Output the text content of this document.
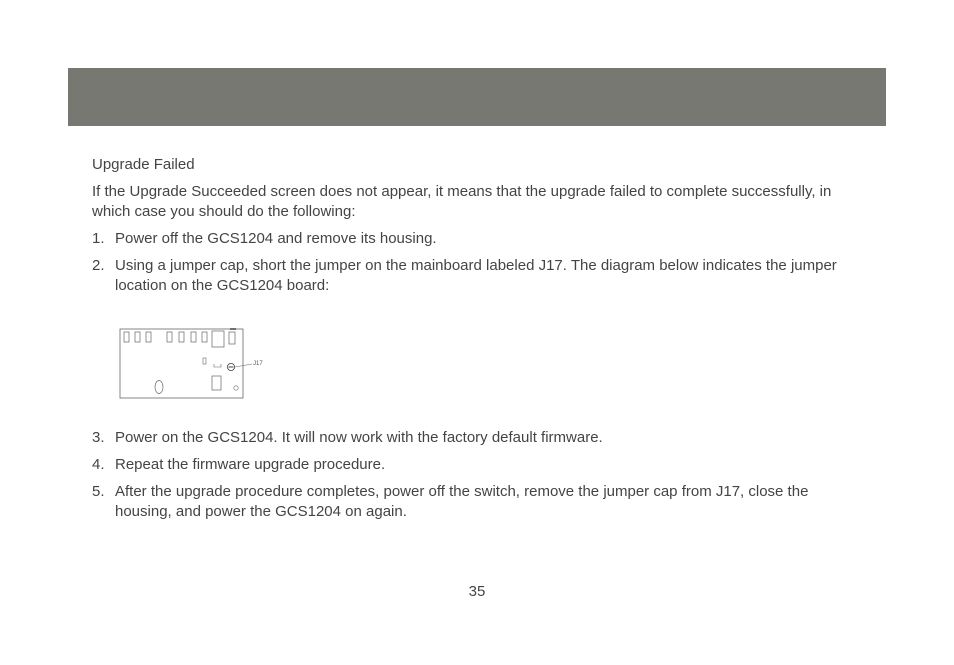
Upgrade Failed

If the Upgrade Succeeded screen does not appear, it means that the upgrade failed to complete successfully, in which case you should do the following:

1. Power off the GCS1204 and remove its housing.
2. Using a jumper cap, short the jumper on the mainboard labeled J17. The diagram below indicates the jumper location on the GCS1204 board:
J17
3. Power on the GCS1204. It will now work with the factory default firmware.
4. Repeat the firmware upgrade procedure.
5. After the upgrade procedure completes, power off the switch, remove the jumper cap from J17, close the housing, and power the GCS1204 on again.
35
